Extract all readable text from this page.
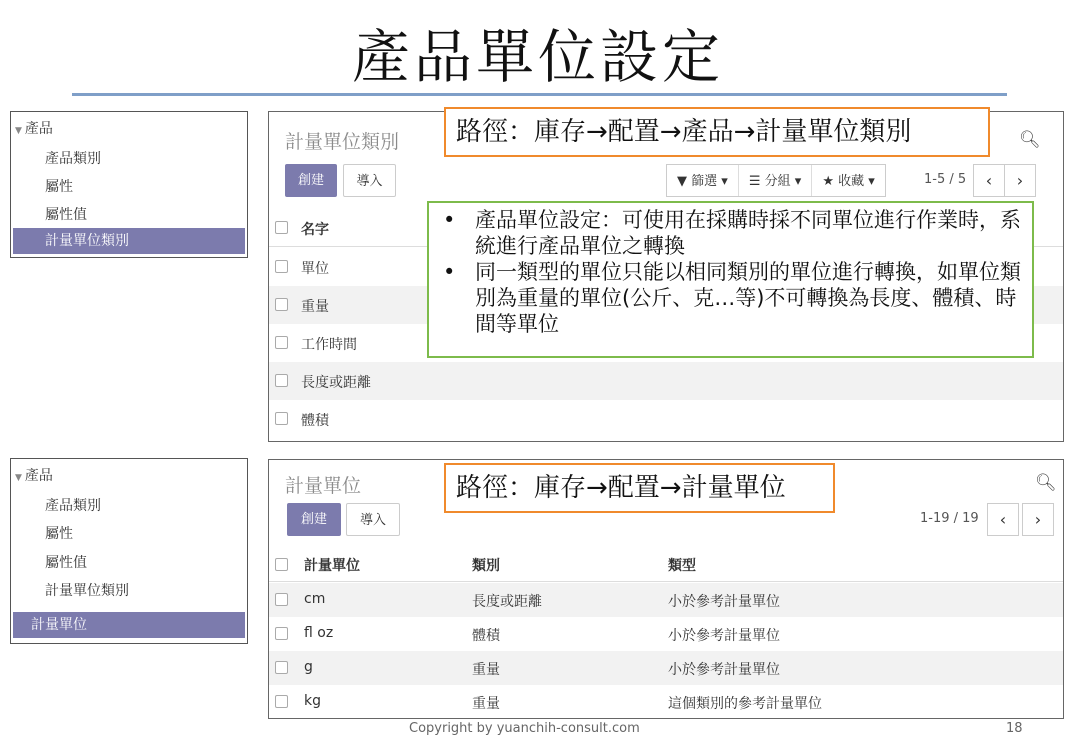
產品單位設定
▼ 產品
產品類別
屬性
屬性值
計量單位類別
計量單位類別	🔍︎
創建	導入	▼ 篩選 ▾	☰ 分組 ▾	★ 收藏 ▾	1-5 / 5	‹	›
名字
單位
重量
工作時間
長度或距離
體積
路徑：庫存→配置→產品→計量單位類別
• 產品單位設定：可使用在採購時採不同單位進行作業時，系統進行產品單位之轉換
• 同一類型的單位只能以相同類別的單位進行轉換，如單位類別為重量的單位(公斤、克…等)不可轉換為長度、體積、時間等單位
▼ 產品
產品類別
屬性
屬性值
計量單位類別
計量單位
計量單位	🔍︎
創建	導入	1-19 / 19	‹	›
計量單位	類別	類型
cm	長度或距離	小於參考計量單位
fl oz	體積	小於參考計量單位
g	重量	小於參考計量單位
kg	重量	這個類別的參考計量單位
路徑：庫存→配置→計量單位
Copyright by yuanchih-consult.com	18
